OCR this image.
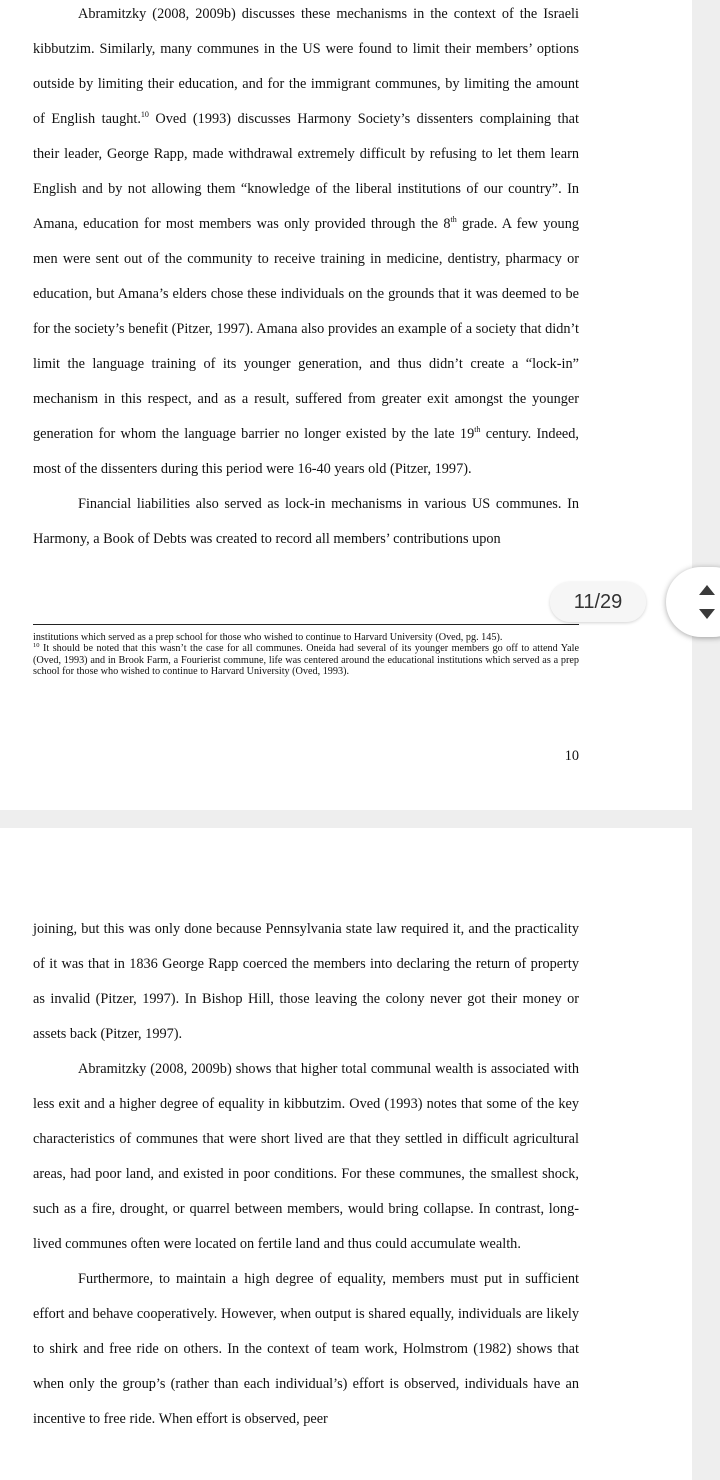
Abramitzky (2008, 2009b) discusses these mechanisms in the context of the Israeli kibbutzim. Similarly, many communes in the US were found to limit their members’ options outside by limiting their education, and for the immigrant communes, by limiting the amount of English taught.$^{10}$ Oved (1993) discusses Harmony Society’s dissenters complaining that their leader, George Rapp, made withdrawal extremely difficult by refusing to let them learn English and by not allowing them “knowledge of the liberal institutions of our country”. In Amana, education for most members was only provided through the 8th grade. A few young men were sent out of the community to receive training in medicine, dentistry, pharmacy or education, but Amana’s elders chose these individuals on the grounds that it was deemed to be for the society’s benefit (Pitzer, 1997). Amana also provides an example of a society that didn’t limit the language training of its younger generation, and thus didn’t create a “lock-in” mechanism in this respect, and as a result, suffered from greater exit amongst the younger generation for whom the language barrier no longer existed by the late 19th century. Indeed, most of the dissenters during this period were 16-40 years old (Pitzer, 1997).

Financial liabilities also served as lock-in mechanisms in various US communes. In Harmony, a Book of Debts was created to record all members’ contributions upon

institutions which served as a prep school for those who wished to continue to Harvard University (Oved, pg. 145).

$^{10}$ It should be noted that this wasn’t the case for all communes. Oneida had several of its younger members go off to attend Yale (Oved, 1993) and in Brook Farm, a Fourierist commune, life was centered around the educational institutions which served as a prep school for those who wished to continue to Harvard University (Oved, 1993).

10

joining, but this was only done because Pennsylvania state law required it, and the practicality of it was that in 1836 George Rapp coerced the members into declaring the return of property as invalid (Pitzer, 1997). In Bishop Hill, those leaving the colony never got their money or assets back (Pitzer, 1997).

Abramitzky (2008, 2009b) shows that higher total communal wealth is associated with less exit and a higher degree of equality in kibbutzim. Oved (1993) notes that some of the key characteristics of communes that were short lived are that they settled in difficult agricultural areas, had poor land, and existed in poor conditions. For these communes, the smallest shock, such as a fire, drought, or quarrel between members, would bring collapse. In contrast, long-lived communes often were located on fertile land and thus could accumulate wealth.

Furthermore, to maintain a high degree of equality, members must put in sufficient effort and behave cooperatively. However, when output is shared equally, individuals are likely to shirk and free ride on others. In the context of team work, Holmstrom (1982) shows that when only the group’s (rather than each individual’s) effort is observed, individuals have an incentive to free ride. When effort is observed, peer

11/29
